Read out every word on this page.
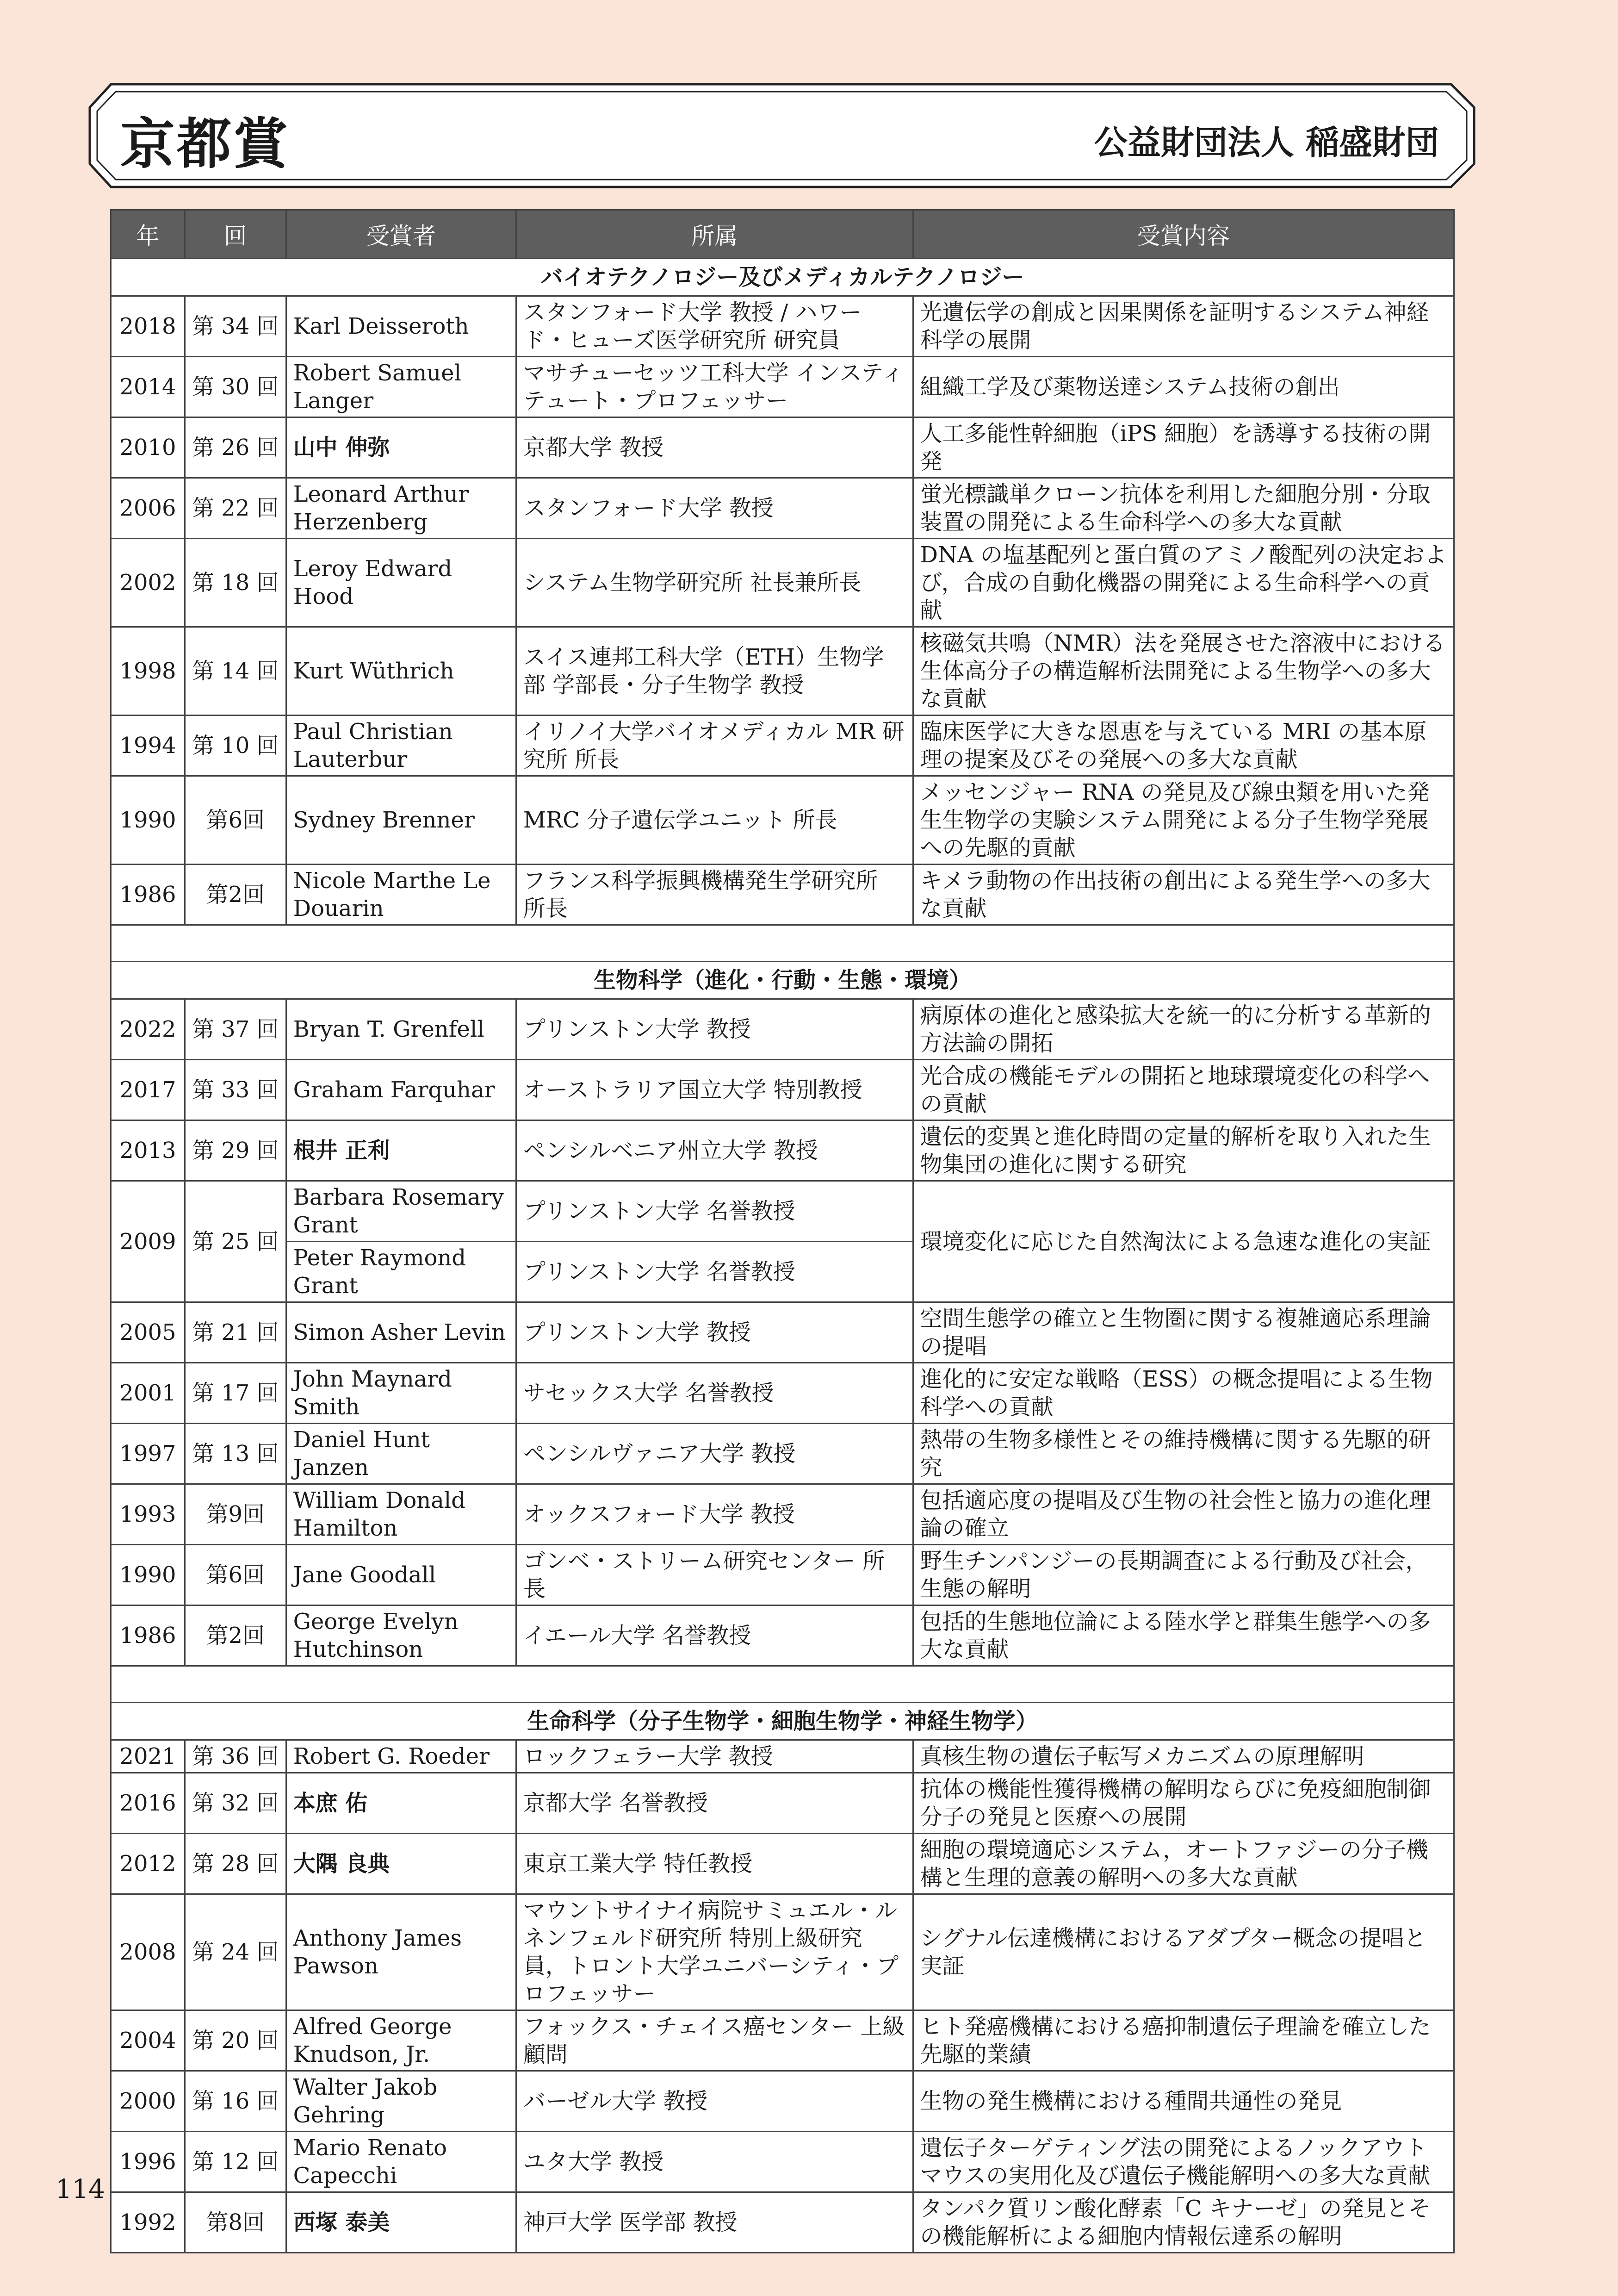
京都賞	公益財団法人 稲盛財団
年	回	受賞者	所属	受賞内容
バイオテクノロジー及びメディカルテクノロジー				
2018	第 34 回	Karl Deisseroth	スタンフォード大学 教授 / ハワード・ヒューズ医学研究所 研究員	光遺伝学の創成と因果関係を証明するシステム神経科学の展開
2014	第 30 回	Robert Samuel Langer	マサチューセッツ工科大学 インスティテュート・プロフェッサー	組織工学及び薬物送達システム技術の創出
2010	第 26 回	山中 伸弥	京都大学 教授	人工多能性幹細胞（iPS 細胞）を誘導する技術の開発
2006	第 22 回	Leonard Arthur Herzenberg	スタンフォード大学 教授	蛍光標識単クローン抗体を利用した細胞分別・分取装置の開発による生命科学への多大な貢献
2002	第 18 回	Leroy Edward Hood	システム生物学研究所 社長兼所長	DNA の塩基配列と蛋白質のアミノ酸配列の決定および，合成の自動化機器の開発による生命科学への貢献
1998	第 14 回	Kurt Wüthrich	スイス連邦工科大学（ETH）生物学部 学部長・分子生物学 教授	核磁気共鳴（NMR）法を発展させた溶液中における生体高分子の構造解析法開発による生物学への多大な貢献
1994	第 10 回	Paul Christian Lauterbur	イリノイ大学バイオメディカル MR 研究所 所長	臨床医学に大きな恩恵を与えている MRI の基本原理の提案及びその発展への多大な貢献
1990	第6回	Sydney Brenner	MRC 分子遺伝学ユニット 所長	メッセンジャー RNA の発見及び線虫類を用いた発生生物学の実験システム開発による分子生物学発展への先駆的貢献
1986	第2回	Nicole Marthe Le Douarin	フランス科学振興機構発生学研究所 所長	キメラ動物の作出技術の創出による発生学への多大な貢献

生物科学（進化・行動・生態・環境）				
2022	第 37 回	Bryan T. Grenfell	プリンストン大学 教授	病原体の進化と感染拡大を統一的に分析する革新的方法論の開拓
2017	第 33 回	Graham Farquhar	オーストラリア国立大学 特別教授	光合成の機能モデルの開拓と地球環境変化の科学への貢献
2013	第 29 回	根井 正利	ペンシルベニア州立大学 教授	遺伝的変異と進化時間の定量的解析を取り入れた生物集団の進化に関する研究
2009	第 25 回	Barbara Rosemary Grant	プリンストン大学 名誉教授	環境変化に応じた自然淘汰による急速な進化の実証
		Peter Raymond Grant	プリンストン大学 名誉教授	
2005	第 21 回	Simon Asher Levin	プリンストン大学 教授	空間生態学の確立と生物圏に関する複雑適応系理論の提唱
2001	第 17 回	John Maynard Smith	サセックス大学 名誉教授	進化的に安定な戦略（ESS）の概念提唱による生物科学への貢献
1997	第 13 回	Daniel Hunt Janzen	ペンシルヴァニア大学 教授	熱帯の生物多様性とその維持機構に関する先駆的研究
1993	第9回	William Donald Hamilton	オックスフォード大学 教授	包括適応度の提唱及び生物の社会性と協力の進化理論の確立
1990	第6回	Jane Goodall	ゴンベ・ストリーム研究センター 所長	野生チンパンジーの長期調査による行動及び社会，生態の解明
1986	第2回	George Evelyn Hutchinson	イエール大学 名誉教授	包括的生態地位論による陸水学と群集生態学への多大な貢献

生命科学（分子生物学・細胞生物学・神経生物学）				
2021	第 36 回	Robert G. Roeder	ロックフェラー大学 教授	真核生物の遺伝子転写メカニズムの原理解明
2016	第 32 回	本庶 佑	京都大学 名誉教授	抗体の機能性獲得機構の解明ならびに免疫細胞制御分子の発見と医療への展開
2012	第 28 回	大隅 良典	東京工業大学 特任教授	細胞の環境適応システム，オートファジーの分子機構と生理的意義の解明への多大な貢献
2008	第 24 回	Anthony James Pawson	マウントサイナイ病院サミュエル・ルネンフェルド研究所 特別上級研究員，トロント大学ユニバーシティ・プロフェッサー	シグナル伝達機構におけるアダプター概念の提唱と実証
2004	第 20 回	Alfred George Knudson, Jr.	フォックス・チェイス癌センター 上級顧問	ヒト発癌機構における癌抑制遺伝子理論を確立した先駆的業績
2000	第 16 回	Walter Jakob Gehring	バーゼル大学 教授	生物の発生機構における種間共通性の発見
1996	第 12 回	Mario Renato Capecchi	ユタ大学 教授	遺伝子ターゲティング法の開発によるノックアウトマウスの実用化及び遺伝子機能解明への多大な貢献
1992	第8回	西塚 泰美	神戸大学 医学部 教授	タンパク質リン酸化酵素「C キナーゼ」の発見とその機能解析による細胞内情報伝達系の解明
114
